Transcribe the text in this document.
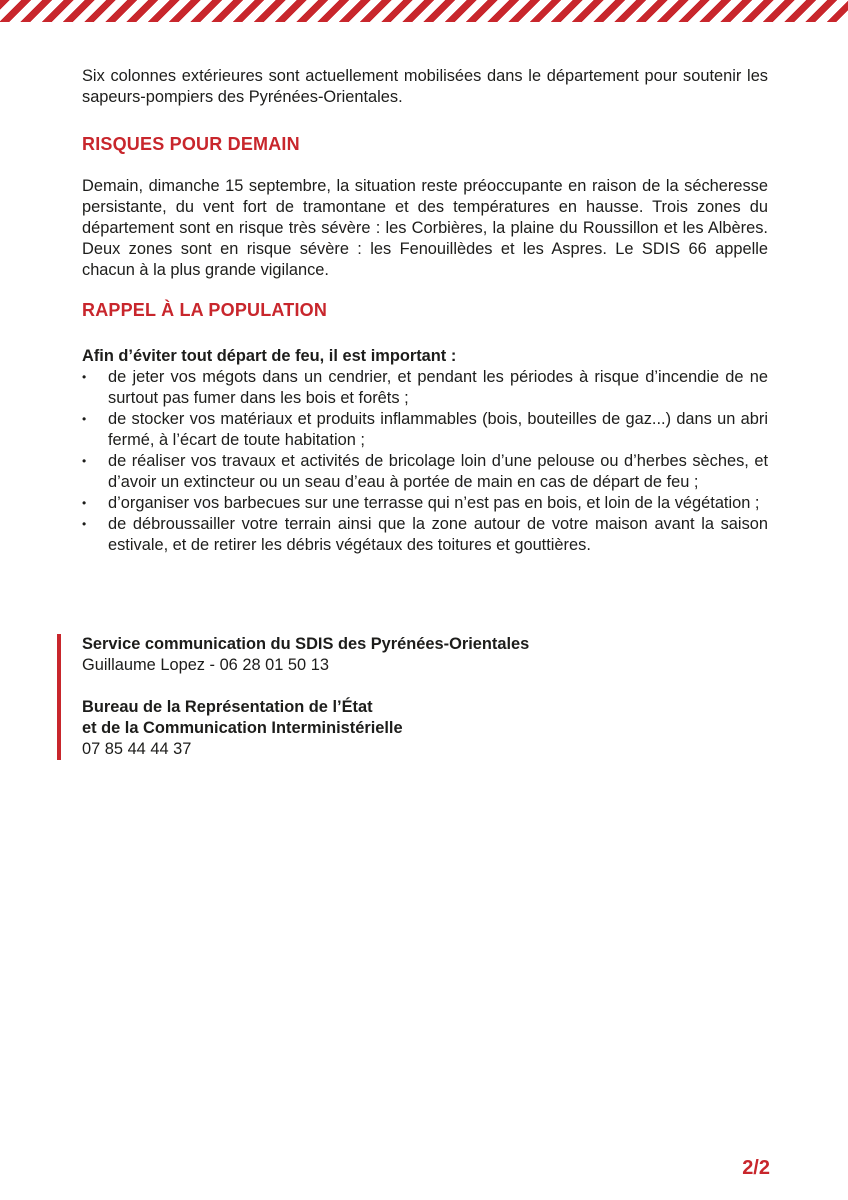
Six colonnes extérieures sont actuellement mobilisées dans le département pour soutenir les sapeurs-pompiers des Pyrénées-Orientales.

RISQUES POUR DEMAIN

Demain, dimanche 15 septembre, la situation reste préoccupante en raison de la sécheresse persistante, du vent fort de tramontane et des températures en hausse. Trois zones du département sont en risque très sévère : les Corbières, la plaine du Roussillon et les Albères. Deux zones sont en risque sévère : les Fenouillèdes et les Aspres. Le SDIS 66 appelle chacun à la plus grande vigilance.

RAPPEL À LA POPULATION
Afin d’éviter tout départ de feu, il est important :
• de jeter vos mégots dans un cendrier, et pendant les périodes à risque d’incendie de ne surtout pas fumer dans les bois et forêts ;
• de stocker vos matériaux et produits inflammables (bois, bouteilles de gaz...) dans un abri fermé, à l’écart de toute habitation ;
• de réaliser vos travaux et activités de bricolage loin d’une pelouse ou d’herbes sèches, et d’avoir un extincteur ou un seau d’eau à portée de main en cas de départ de feu ;
• d’organiser vos barbecues sur une terrasse qui n’est pas en bois, et loin de la végétation ;
• de débroussailler votre terrain ainsi que la zone autour de votre maison avant la saison estivale, et de retirer les débris végétaux des toitures et gouttières.
Service communication du SDIS des Pyrénées-Orientales
Guillaume Lopez - 06 28 01 50 13
Bureau de la Représentation de l’État
et de la Communication Interministérielle
07 85 44 44 37
2/2
